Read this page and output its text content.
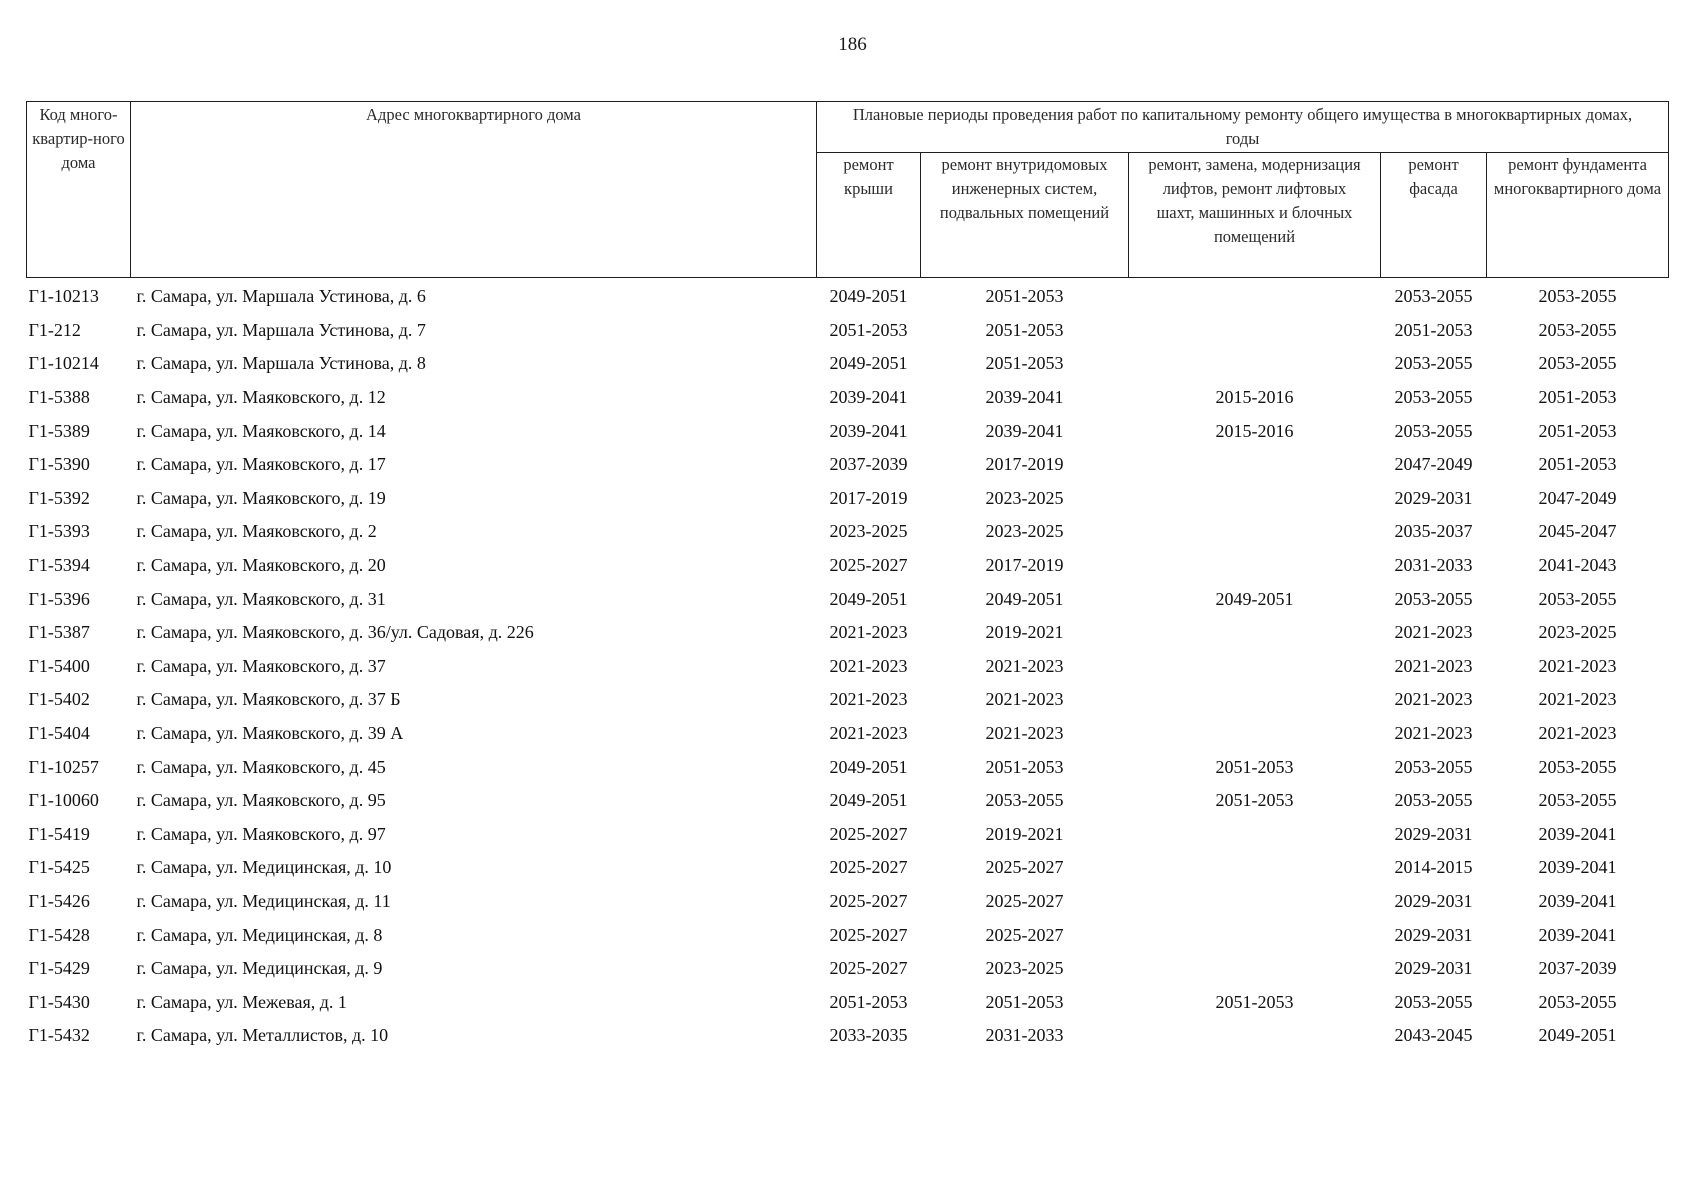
186
Код много-квартир-ного дома	Адрес многоквартирного дома	Плановые периоды проведения работ по капитальному ремонту общего имущества в многоквартирных домах, годы				
		ремонт крыши	ремонт внутридомовых инженерных систем, подвальных помещений	ремонт, замена, модернизация лифтов, ремонт лифтовых шахт, машинных и блочных помещений	ремонт фасада	ремонт фундамента многоквартирного дома
Г1-10213	г. Самара, ул. Маршала Устинова, д. 6	2049-2051	2051-2053		2053-2055	2053-2055
Г1-212	г. Самара, ул. Маршала Устинова, д. 7	2051-2053	2051-2053		2051-2053	2053-2055
Г1-10214	г. Самара, ул. Маршала Устинова, д. 8	2049-2051	2051-2053		2053-2055	2053-2055
Г1-5388	г. Самара, ул. Маяковского, д. 12	2039-2041	2039-2041	2015-2016	2053-2055	2051-2053
Г1-5389	г. Самара, ул. Маяковского, д. 14	2039-2041	2039-2041	2015-2016	2053-2055	2051-2053
Г1-5390	г. Самара, ул. Маяковского, д. 17	2037-2039	2017-2019		2047-2049	2051-2053
Г1-5392	г. Самара, ул. Маяковского, д. 19	2017-2019	2023-2025		2029-2031	2047-2049
Г1-5393	г. Самара, ул. Маяковского, д. 2	2023-2025	2023-2025		2035-2037	2045-2047
Г1-5394	г. Самара, ул. Маяковского, д. 20	2025-2027	2017-2019		2031-2033	2041-2043
Г1-5396	г. Самара, ул. Маяковского, д. 31	2049-2051	2049-2051	2049-2051	2053-2055	2053-2055
Г1-5387	г. Самара, ул. Маяковского, д. 36/ул. Садовая, д. 226	2021-2023	2019-2021		2021-2023	2023-2025
Г1-5400	г. Самара, ул. Маяковского, д. 37	2021-2023	2021-2023		2021-2023	2021-2023
Г1-5402	г. Самара, ул. Маяковского, д. 37 Б	2021-2023	2021-2023		2021-2023	2021-2023
Г1-5404	г. Самара, ул. Маяковского, д. 39 А	2021-2023	2021-2023		2021-2023	2021-2023
Г1-10257	г. Самара, ул. Маяковского, д. 45	2049-2051	2051-2053	2051-2053	2053-2055	2053-2055
Г1-10060	г. Самара, ул. Маяковского, д. 95	2049-2051	2053-2055	2051-2053	2053-2055	2053-2055
Г1-5419	г. Самара, ул. Маяковского, д. 97	2025-2027	2019-2021		2029-2031	2039-2041
Г1-5425	г. Самара, ул. Медицинская, д. 10	2025-2027	2025-2027		2014-2015	2039-2041
Г1-5426	г. Самара, ул. Медицинская, д. 11	2025-2027	2025-2027		2029-2031	2039-2041
Г1-5428	г. Самара, ул. Медицинская, д. 8	2025-2027	2025-2027		2029-2031	2039-2041
Г1-5429	г. Самара, ул. Медицинская, д. 9	2025-2027	2023-2025		2029-2031	2037-2039
Г1-5430	г. Самара, ул. Межевая, д. 1	2051-2053	2051-2053	2051-2053	2053-2055	2053-2055
Г1-5432	г. Самара, ул. Металлистов, д. 10	2033-2035	2031-2033		2043-2045	2049-2051
